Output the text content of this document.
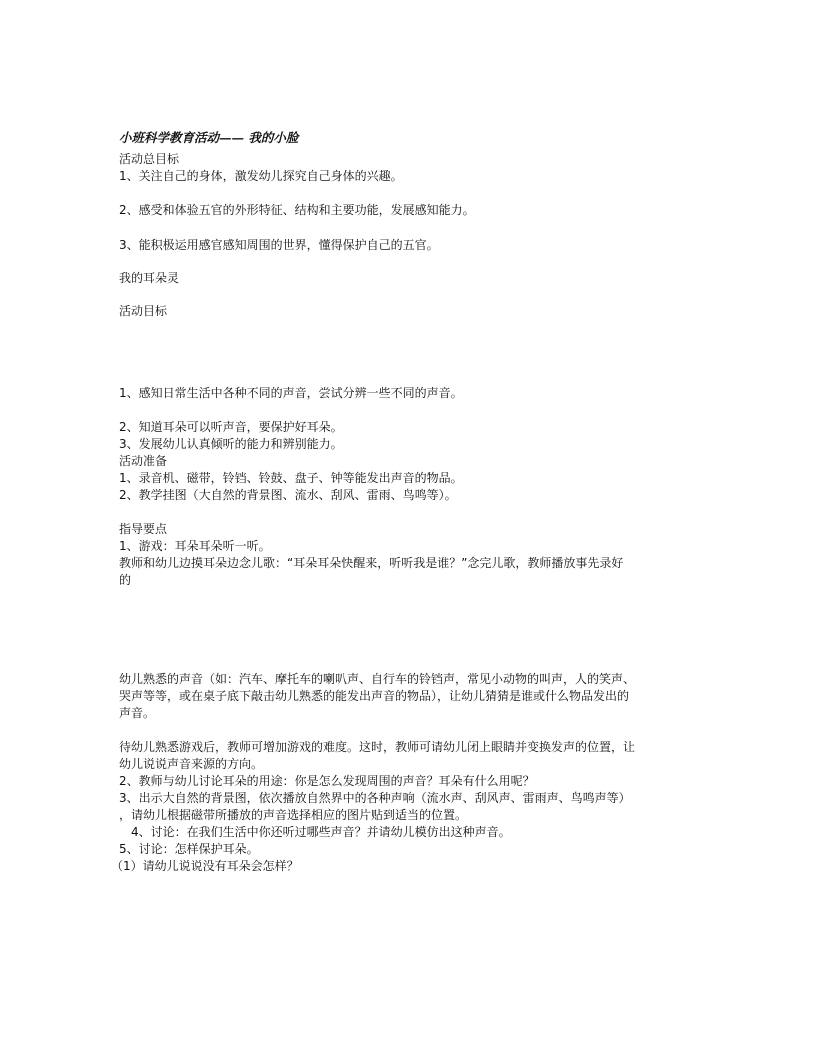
小班科学教育活动—— 我的小脸
活动总目标
1、关注自己的身体，激发幼儿探究自己身体的兴趣。
2、感受和体验五官的外形特征、结构和主要功能，发展感知能力。
3、能积极运用感官感知周围的世界，懂得保护自己的五官。
我的耳朵灵
活动目标
1、感知日常生活中各种不同的声音，尝试分辨一些不同的声音。
2、知道耳朵可以听声音，要保护好耳朵。
3、发展幼儿认真倾听的能力和辨别能力。
活动准备
1、录音机、磁带，铃铛、铃鼓、盘子、钟等能发出声音的物品。
2、教学挂图（大自然的背景图、流水、刮风、雷雨、鸟鸣等）。
指导要点
1、游戏：耳朵耳朵听一听。
教师和幼儿边摸耳朵边念儿歌：“耳朵耳朵快醒来，听听我是谁？”念完儿歌，教师播放事先录好
的
幼儿熟悉的声音（如：汽车、摩托车的喇叭声、自行车的铃铛声，常见小动物的叫声，人的笑声、
哭声等等，或在桌子底下敲击幼儿熟悉的能发出声音的物品），让幼儿猜猜是谁或什么物品发出的
声音。
待幼儿熟悉游戏后，教师可增加游戏的难度。这时，教师可请幼儿闭上眼睛并变换发声的位置，让
幼儿说说声音来源的方向。
2、教师与幼儿讨论耳朵的用途：你是怎么发现周围的声音？耳朵有什么用呢？
3、出示大自然的背景图，依次播放自然界中的各种声响（流水声、刮风声、雷雨声、鸟鸣声等）
，请幼儿根据磁带所播放的声音选择相应的图片贴到适当的位置。
4、讨论：在我们生活中你还听过哪些声音？并请幼儿模仿出这种声音。
5、讨论：怎样保护耳朵。
（1）请幼儿说说没有耳朵会怎样？
